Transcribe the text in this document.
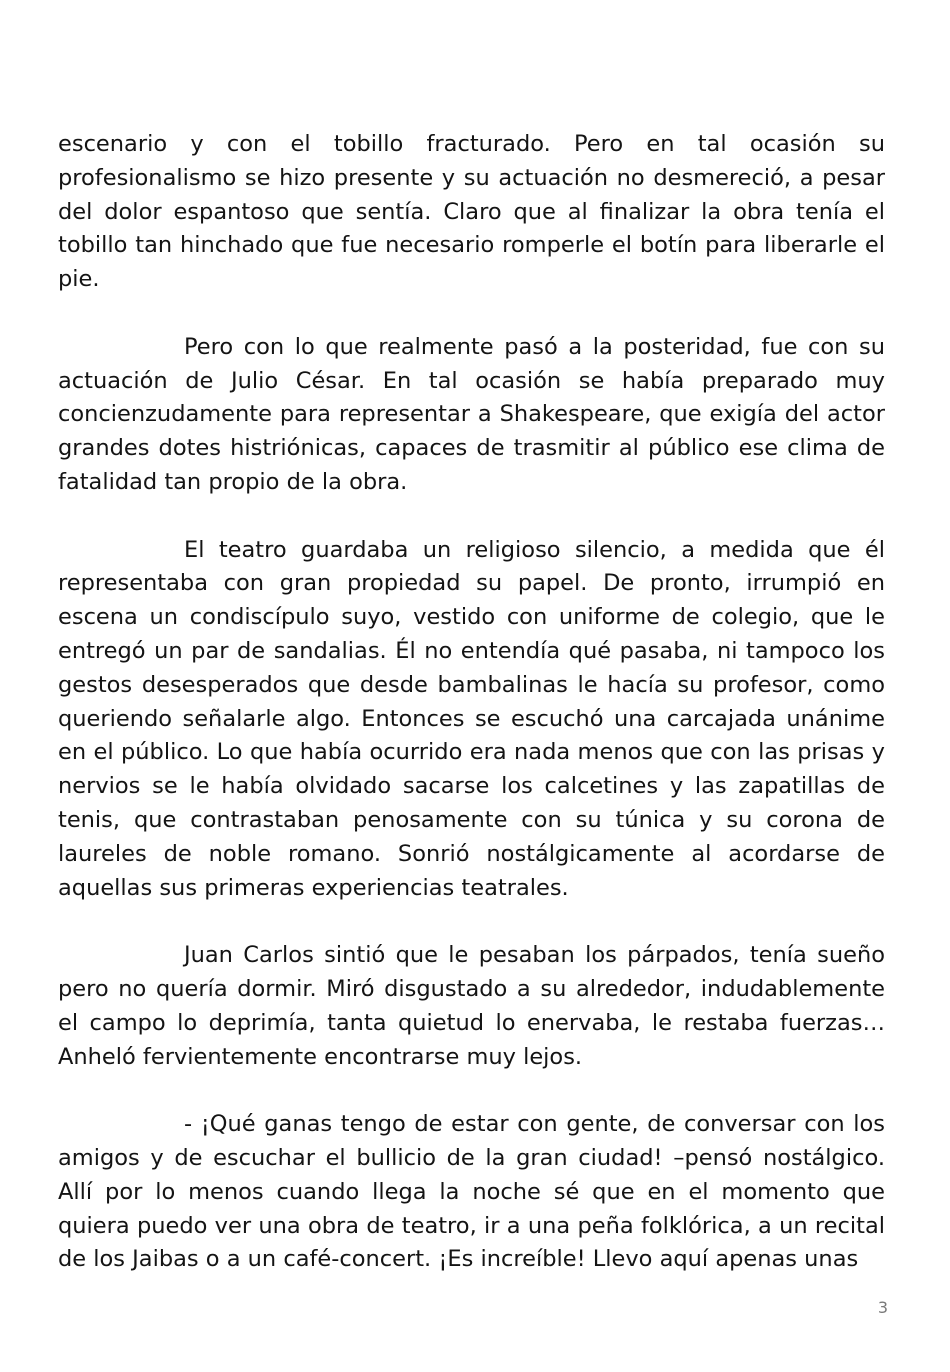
escenario y con el tobillo fracturado. Pero en tal ocasión su profesionalismo se hizo presente y su actuación no desmereció, a pesar del dolor espantoso que sentía. Claro que al finalizar la obra tenía el tobillo tan hinchado que fue necesario romperle el botín para liberarle el pie.

Pero con lo que realmente pasó a la posteridad, fue con su actuación de Julio César. En tal ocasión se había preparado muy concienzudamente para representar a Shakespeare, que exigía del actor grandes dotes histriónicas, capaces de trasmitir al público ese clima de fatalidad tan propio de la obra.

El teatro guardaba un religioso silencio, a medida que él representaba con gran propiedad su papel. De pronto, irrumpió en escena un condiscípulo suyo, vestido con uniforme de colegio, que le entregó un par de sandalias. Él no entendía qué pasaba, ni tampoco los gestos desesperados que desde bambalinas le hacía su profesor, como queriendo señalarle algo. Entonces se escuchó una carcajada unánime en el público. Lo que había ocurrido era nada menos que con las prisas y nervios se le había olvidado sacarse los calcetines y las zapatillas de tenis, que contrastaban penosamente con su túnica y su corona de laureles de noble romano. Sonrió nostálgicamente al acordarse de aquellas sus primeras experiencias teatrales.

Juan Carlos sintió que le pesaban los párpados, tenía sueño pero no quería dormir. Miró disgustado a su alrededor, indudablemente el campo lo deprimía, tanta quietud lo enervaba, le restaba fuerzas… Anheló fervientemente encontrarse muy lejos.

- ¡Qué ganas tengo de estar con gente, de conversar con los amigos y de escuchar el bullicio de la gran ciudad! –pensó nostálgico. Allí por lo menos cuando llega la noche sé que en el momento que quiera puedo ver una obra de teatro, ir a una peña folklórica, a un recital de los Jaibas o a un café-concert. ¡Es increíble! Llevo aquí apenas unas

3
